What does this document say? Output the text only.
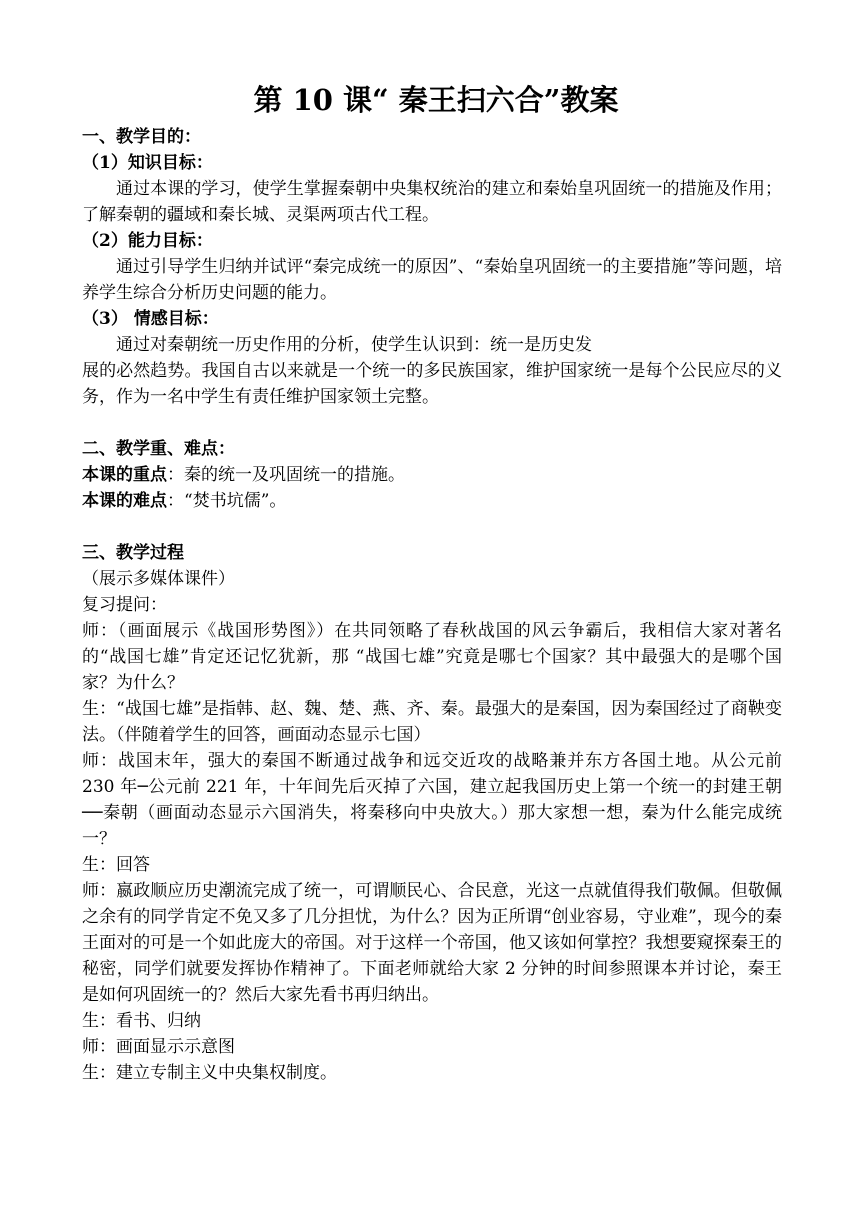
第 10 课“ 秦王扫六合”教案

一、教学目的：

（1）知识目标：

通过本课的学习，使学生掌握秦朝中央集权统治的建立和秦始皇巩固统一的措施及作用；了解秦朝的疆域和秦长城、灵渠两项古代工程。

（2）能力目标：

通过引导学生归纳并试评“秦完成统一的原因”、“秦始皇巩固统一的主要措施”等问题，培养学生综合分析历史问题的能力。

（3） 情感目标：

通过对秦朝统一历史作用的分析，使学生认识到：统一是历史发

展的必然趋势。我国自古以来就是一个统一的多民族国家，维护国家统一是每个公民应尽的义务，作为一名中学生有责任维护国家领土完整。

二、教学重、难点：

本课的重点：秦的统一及巩固统一的措施。

本课的难点：“焚书坑儒”。

三、教学过程

（展示多媒体课件）

复习提问：

师：（画面展示《战国形势图》）在共同领略了春秋战国的风云争霸后，我相信大家对著名的“战国七雄”肯定还记忆犹新，那 “战国七雄”究竟是哪七个国家？其中最强大的是哪个国家？为什么？

生：“战国七雄”是指韩、赵、魏、楚、燕、齐、秦。最强大的是秦国，因为秦国经过了商鞅变法。（伴随着学生的回答，画面动态显示七国）

师：战国末年，强大的秦国不断通过战争和远交近攻的战略兼并东方各国土地。从公元前 230 年─公元前 221 年，十年间先后灭掉了六国，建立起我国历史上第一个统一的封建王朝──秦朝（画面动态显示六国消失，将秦移向中央放大。）那大家想一想，秦为什么能完成统一？

生：回答

师：嬴政顺应历史潮流完成了统一，可谓顺民心、合民意，光这一点就值得我们敬佩。但敬佩之余有的同学肯定不免又多了几分担忧，为什么？因为正所谓“创业容易，守业难”，现今的秦王面对的可是一个如此庞大的帝国。对于这样一个帝国，他又该如何掌控？我想要窥探秦王的秘密，同学们就要发挥协作精神了。下面老师就给大家 2 分钟的时间参照课本并讨论，秦王是如何巩固统一的？然后大家先看书再归纳出。

生：看书、归纳

师：画面显示示意图

生：建立专制主义中央集权制度。
